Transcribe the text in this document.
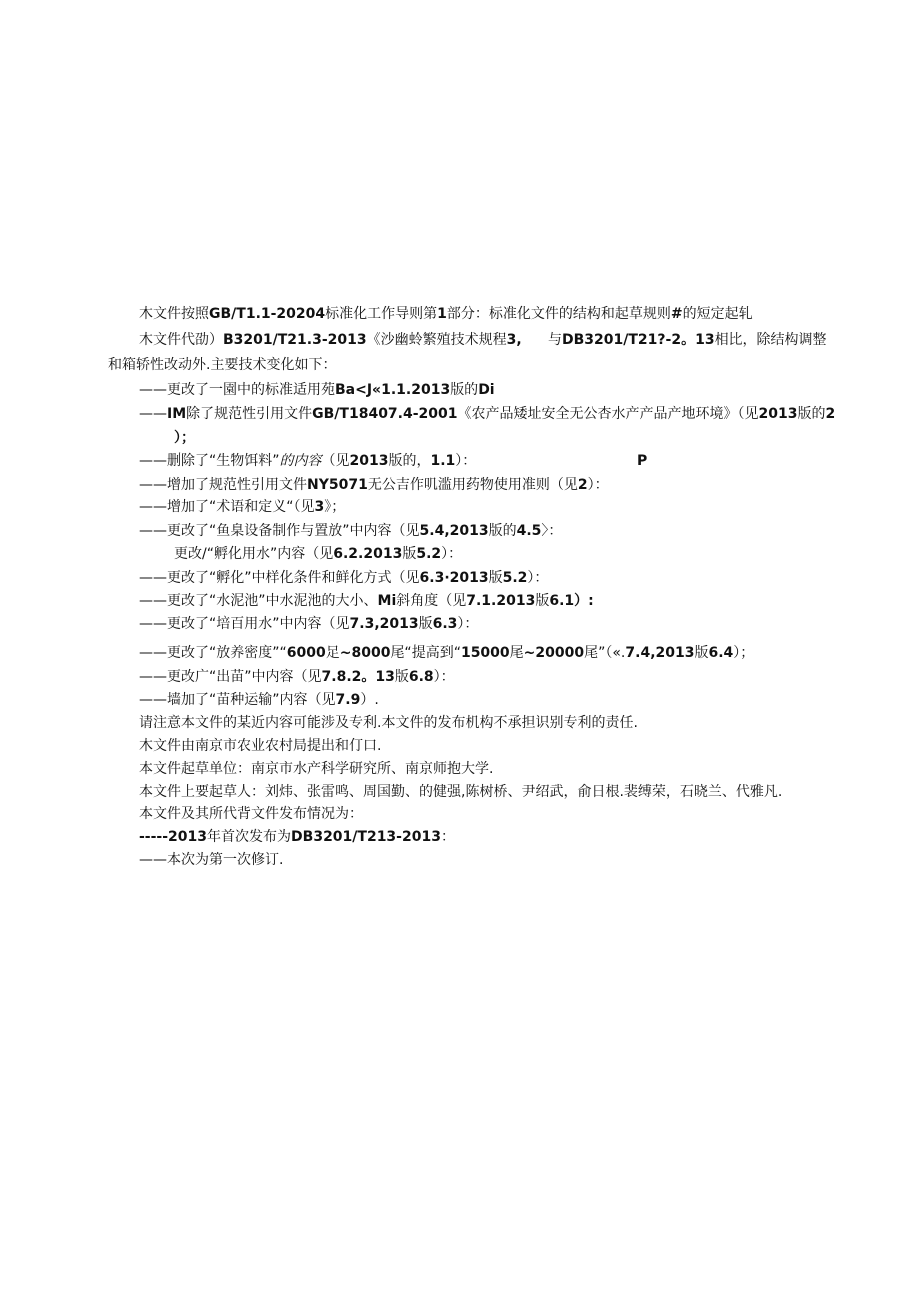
木文件按照GB/T1.1-20204标准化工作导则第1部分：标准化文件的结构和起草规则#的短定起轧
木文件代劭）B3201/T21.3-2013《沙幽蛉繁殖技术规程3, 与DB3201/T21?-2。13相比，除结构调整
和箱轿性改动外.主要技术变化如下：
——更改了一園中的标准适用苑Ba<J«1.1.2013版的Di
——IM除了规范性引用文件GB/T18407.4-2001《农产品矮址安全无公杏水产产品产地环境》（见2013版的2
）；
——删除了“生物饵料”的内容（见2013版的，1.1）：	P
——增加了规范性引用文件NY5071无公吉作叽滥用药物使用准则（见2）：
——增加了“术语和定义“（见3》；
——更改了“鱼臬设备制作与置放”中内容（见5.4,2013版的4.5〉：
更改/“孵化用水”内容（见6.2.2013版5.2）：
——更改了“孵化”中样化条件和鲜化方式（见6.3·2013版5.2）：
——更改了“水泥池”中水泥池的大小、Mi斜角度（见7.1.2013版6.1）:
——更改了“培百用水”中内容（见7.3,2013版6.3）：
——更改了“放养密度”“6000足~8000尾“提高到“15000尾~20000尾”（«.7.4,2013版6.4）；
——更改广“出苗”中内容（见7.8.2。13版6.8）：
——墙加了“苗种运输”内容（见7.9）.
请注意本文件的某近内容可能涉及专利.本文件的发布机构不承担识别专利的责任.
木文件由南京市农业农村局提出和仃口.
本文件起草单位：南京市水产科学研究所、南京师抱大学.
本文件上要起草人：刘炜、张雷鸣、周国勤、的健强,陈树桥、尹绍武，俞日根.裴缚荣，石晓兰、代雅凡.
本文件及其所代背文件发布情况为：
-----2013年首次发布为DB3201/T213-2013：
——本次为第一次修订.
